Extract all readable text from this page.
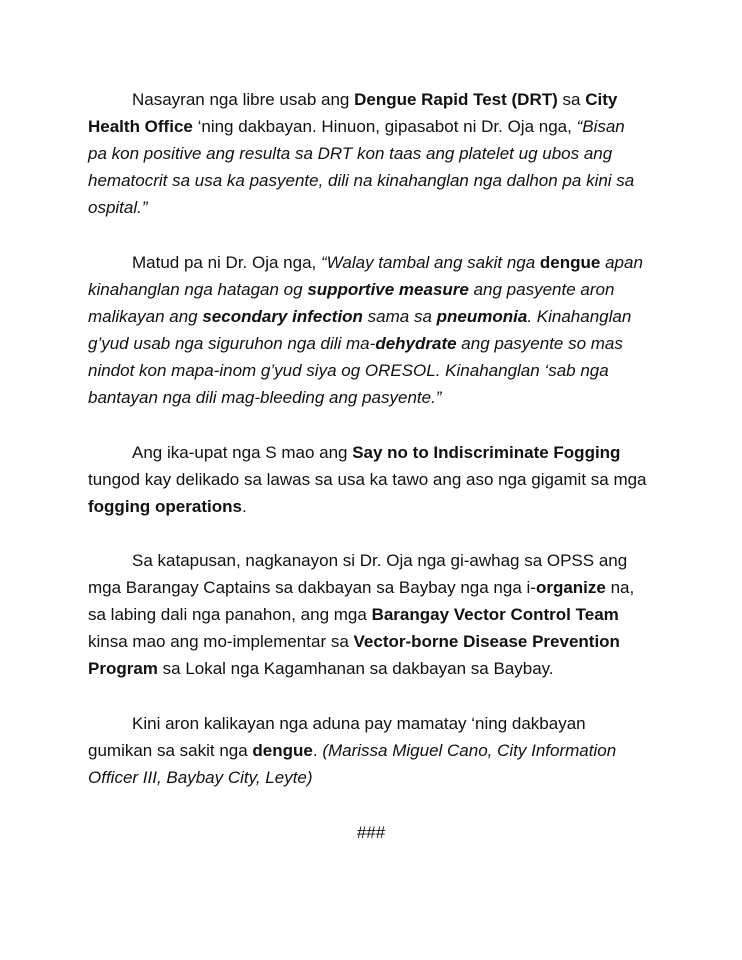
Nasayran nga libre usab ang Dengue Rapid Test (DRT) sa City Health Office ‘ning dakbayan. Hinuon, gipasabot ni Dr. Oja nga, “Bisan pa kon positive ang resulta sa DRT kon taas ang platelet ug ubos ang hematocrit sa usa ka pasyente, dili na kinahanglan nga dalhon pa kini sa ospital.”

Matud pa ni Dr. Oja nga, “Walay tambal ang sakit nga dengue apan kinahanglan nga hatagan og supportive measure ang pasyente aron malikayan ang secondary infection sama sa pneumonia. Kinahanglan g’yud usab nga siguruhon nga dili ma-dehydrate ang pasyente so mas nindot kon mapa-inom g’yud siya og ORESOL. Kinahanglan ‘sab nga bantayan nga dili mag-bleeding ang pasyente.”

Ang ika-upat nga S mao ang Say no to Indiscriminate Fogging tungod kay delikado sa lawas sa usa ka tawo ang aso nga gigamit sa mga fogging operations.

Sa katapusan, nagkanayon si Dr. Oja nga gi-awhag sa OPSS ang mga Barangay Captains sa dakbayan sa Baybay nga nga i-organize na, sa labing dali nga panahon, ang mga Barangay Vector Control Team kinsa mao ang mo-implementar sa Vector-borne Disease Prevention Program sa Lokal nga Kagamhanan sa dakbayan sa Baybay.

Kini aron kalikayan nga aduna pay mamatay ‘ning dakbayan gumikan sa sakit nga dengue. (Marissa Miguel Cano, City Information Officer III, Baybay City, Leyte)

###
